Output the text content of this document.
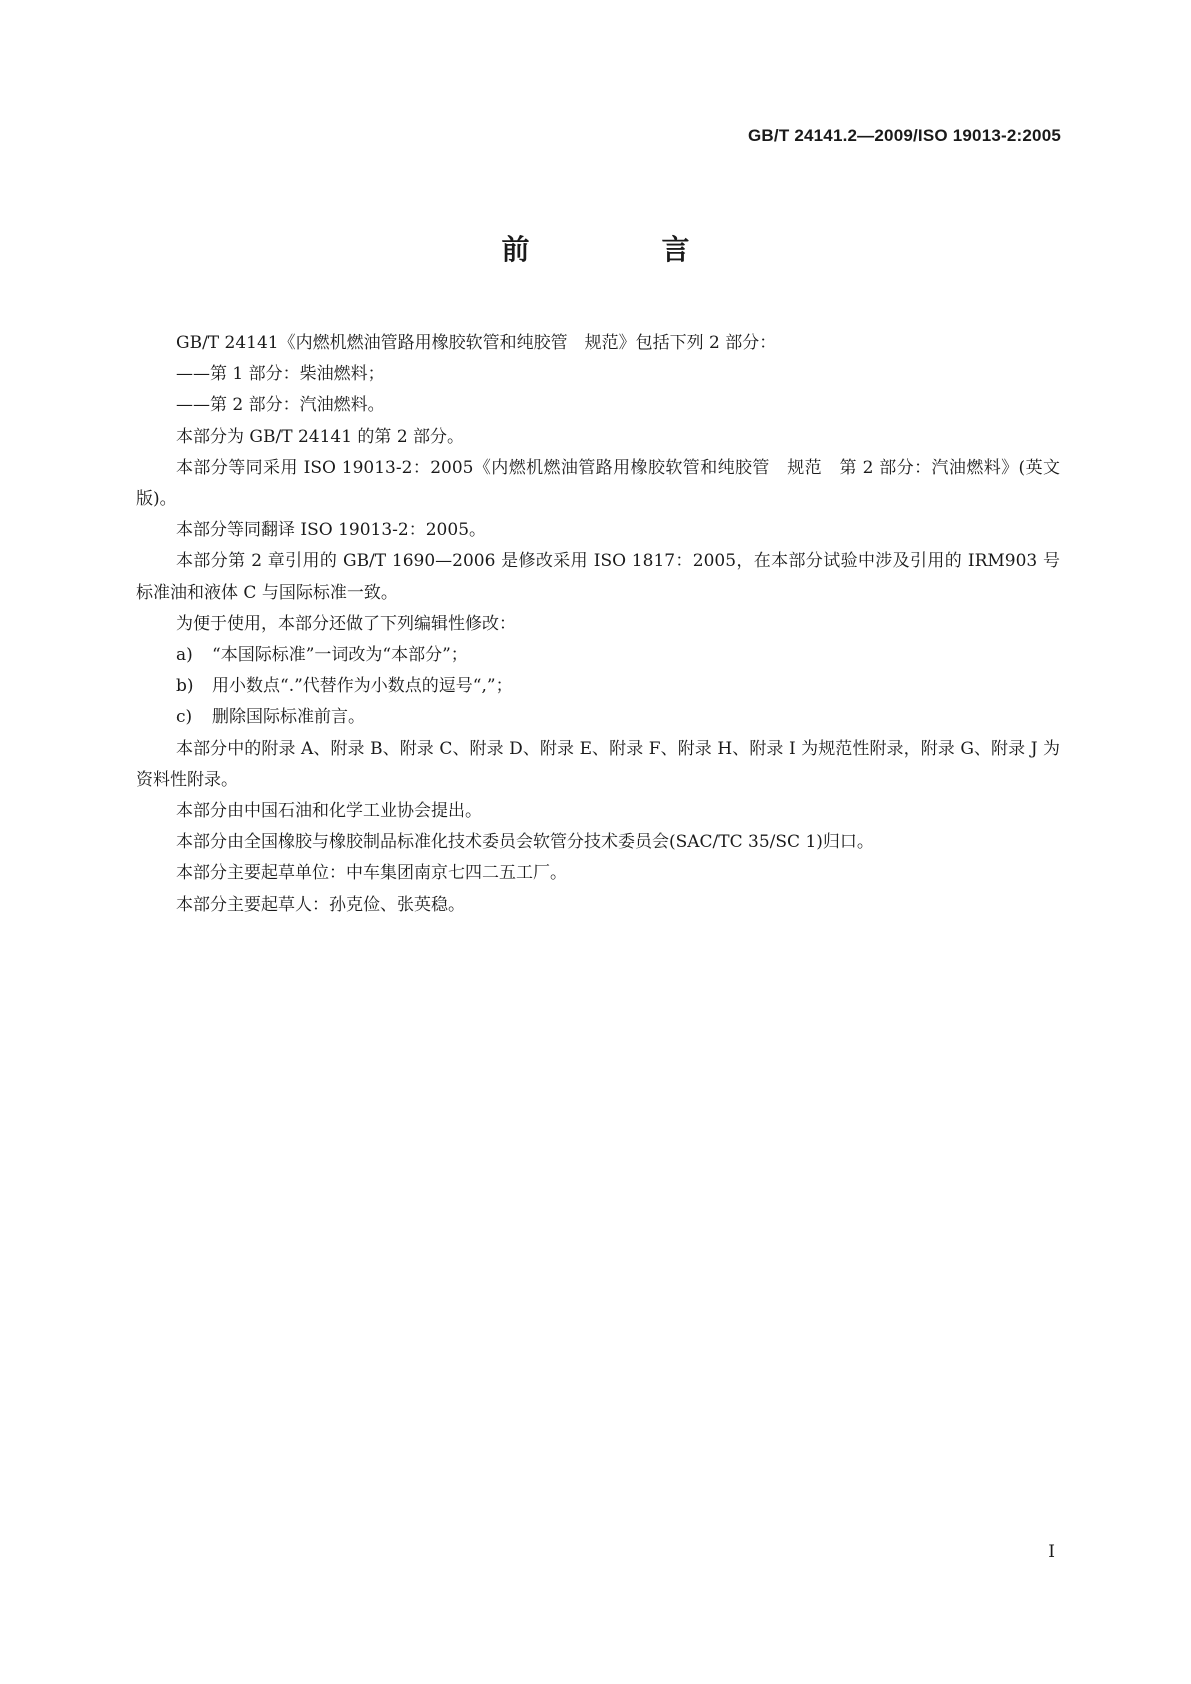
GB/T 24141.2—2009/ISO 19013-2:2005
前　言

GB/T 24141《内燃机燃油管路用橡胶软管和纯胶管　规范》包括下列 2 部分：

——第 1 部分：柴油燃料；

——第 2 部分：汽油燃料。

本部分为 GB/T 24141 的第 2 部分。

本部分等同采用 ISO 19013-2：2005《内燃机燃油管路用橡胶软管和纯胶管　规范　第 2 部分：汽油燃料》(英文版)。

本部分等同翻译 ISO 19013-2：2005。

本部分第 2 章引用的 GB/T 1690—2006 是修改采用 ISO 1817：2005，在本部分试验中涉及引用的 IRM903 号标准油和液体 C 与国际标准一致。

为便于使用，本部分还做了下列编辑性修改：

a) “本国际标准”一词改为“本部分”；

b) 用小数点“.”代替作为小数点的逗号“,”；

c) 删除国际标准前言。

本部分中的附录 A、附录 B、附录 C、附录 D、附录 E、附录 F、附录 H、附录 I 为规范性附录，附录 G、附录 J 为资料性附录。

本部分由中国石油和化学工业协会提出。

本部分由全国橡胶与橡胶制品标准化技术委员会软管分技术委员会(SAC/TC 35/SC 1)归口。

本部分主要起草单位：中车集团南京七四二五工厂。

本部分主要起草人：孙克俭、张英稳。

I
